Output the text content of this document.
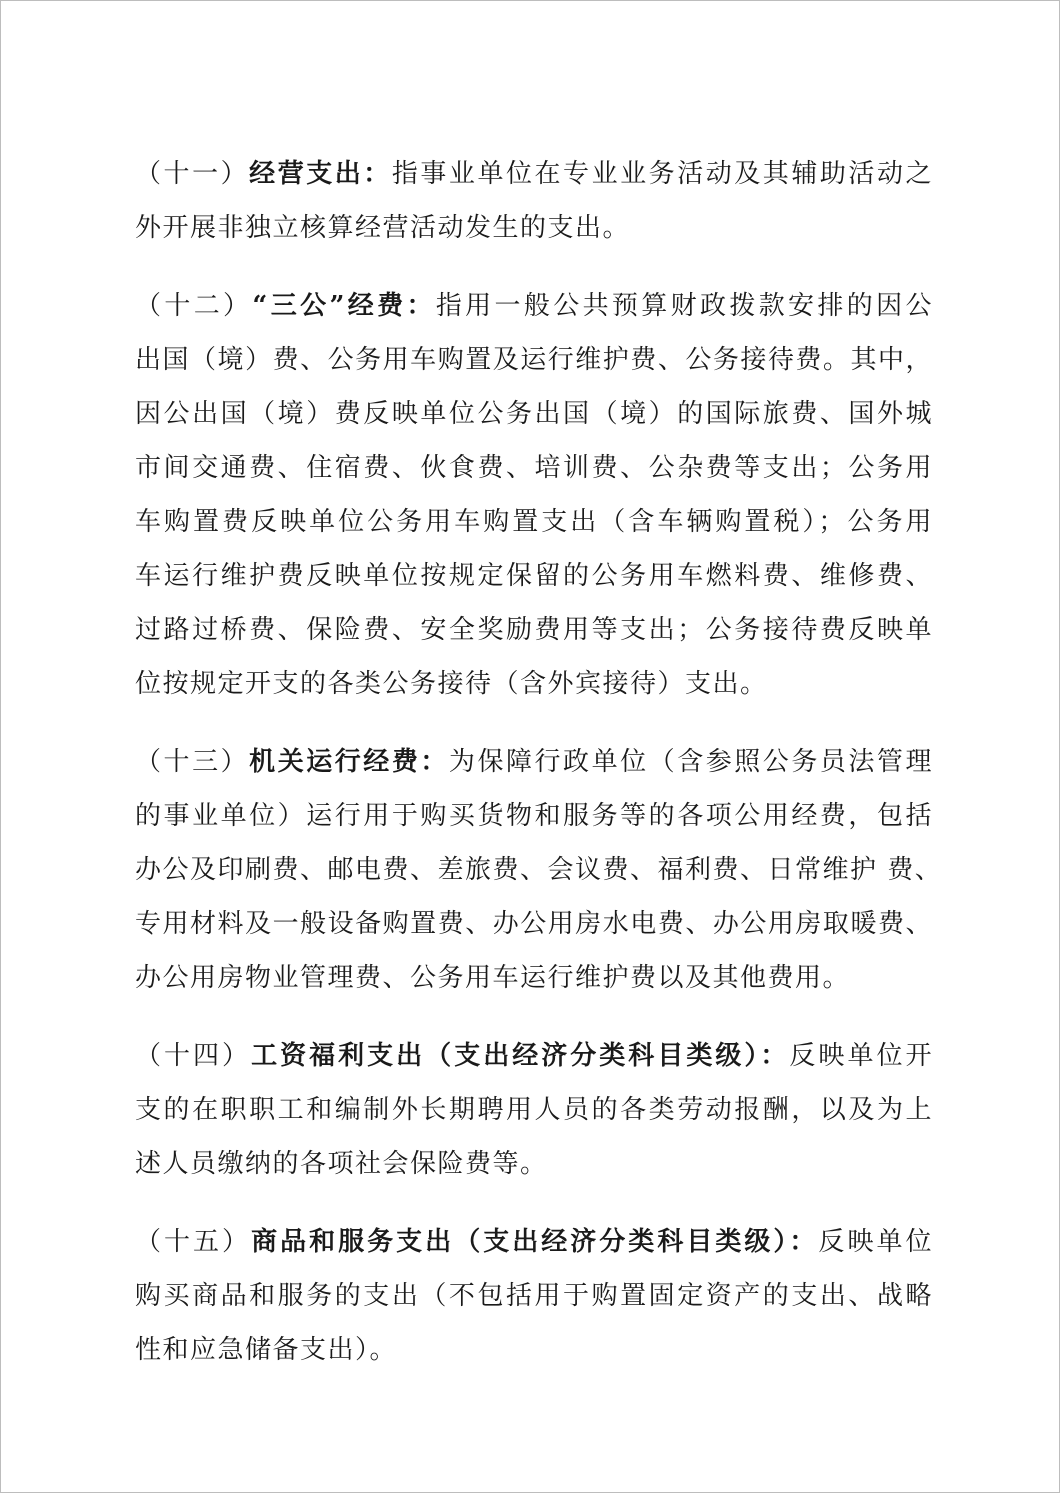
（十一）经营支出：指事业单位在专业业务活动及其辅助活动之
外开展非独立核算经营活动发生的支出。
（十二）“三公”经费：指用一般公共预算财政拨款安排的因公
出国（境）费、公务用车购置及运行维护费、公务接待费。其中，
因公出国（境）费反映单位公务出国（境）的国际旅费、国外城
市间交通费、住宿费、伙食费、培训费、公杂费等支出；公务用
车购置费反映单位公务用车购置支出（含车辆购置税）；公务用
车运行维护费反映单位按规定保留的公务用车燃料费、维修费、
过路过桥费、保险费、安全奖励费用等支出；公务接待费反映单
位按规定开支的各类公务接待（含外宾接待）支出。
（十三）机关运行经费：为保障行政单位（含参照公务员法管理
的事业单位）运行用于购买货物和服务等的各项公用经费，包括
办公及印刷费、邮电费、差旅费、会议费、福利费、日常维护 费、
专用材料及一般设备购置费、办公用房水电费、办公用房取暖费、
办公用房物业管理费、公务用车运行维护费以及其他费用。
（十四）工资福利支出（支出经济分类科目类级）：反映单位开
支的在职职工和编制外长期聘用人员的各类劳动报酬，以及为上
述人员缴纳的各项社会保险费等。
（十五）商品和服务支出（支出经济分类科目类级）：反映单位
购买商品和服务的支出（不包括用于购置固定资产的支出、战略
性和应急储备支出）。
